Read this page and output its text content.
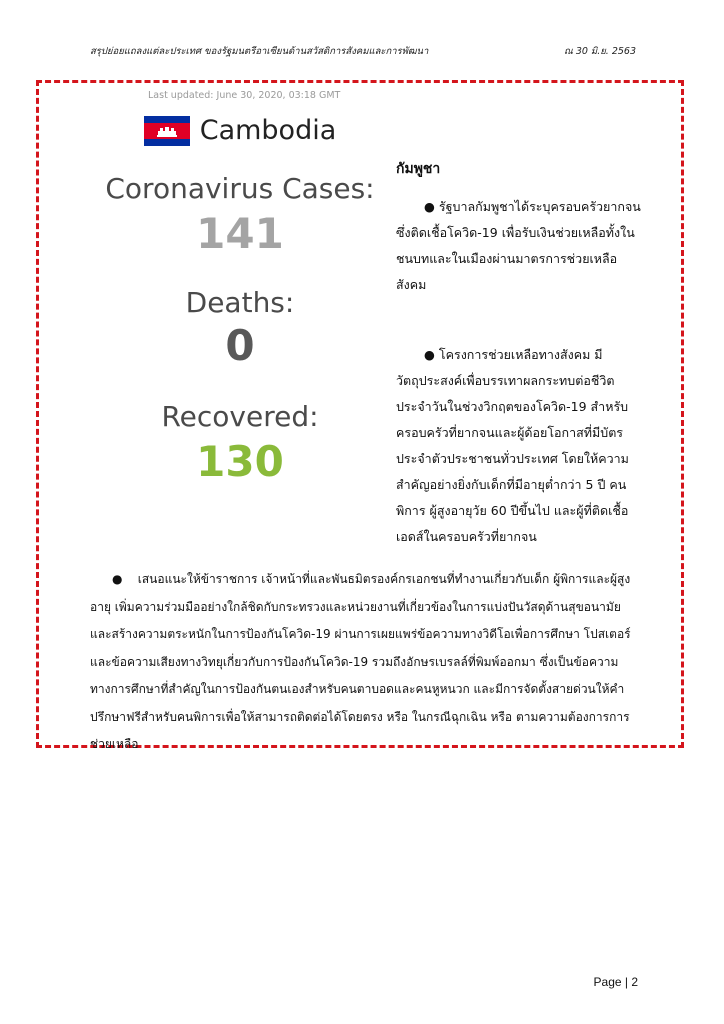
สรุปย่อยแถลงแต่ละประเทศ ของรัฐมนตรีอาเซียนด้านสวัสดิการสังคมและการพัฒนา	ณ 30 มิ.ย. 2563
Last updated: June 30, 2020, 03:18 GMT
Cambodia
Coronavirus Cases:
141
Deaths:
0
Recovered:
130
กัมพูชา

● รัฐบาลกัมพูชาได้ระบุครอบครัวยากจนซึ่งติดเชื้อโควิด-19 เพื่อรับเงินช่วยเหลือทั้งในชนบทและในเมืองผ่านมาตรการช่วยเหลือสังคม

● โครงการช่วยเหลือทางสังคม มีวัตถุประสงค์เพื่อบรรเทาผลกระทบต่อชีวิตประจำวันในช่วงวิกฤตของโควิด-19 สำหรับครอบครัวที่ยากจนและผู้ด้อยโอกาสที่มีบัตรประจำตัวประชาชนทั่วประเทศ โดยให้ความสำคัญอย่างยิ่งกับเด็กที่มีอายุต่ำกว่า 5 ปี คนพิการ ผู้สูงอายุวัย 60 ปีขึ้นไป และผู้ที่ติดเชื้อเอดส์ในครอบครัวที่ยากจน

● เสนอแนะให้ข้าราชการ เจ้าหน้าที่และพันธมิตรองค์กรเอกชนที่ทำงานเกี่ยวกับเด็ก ผู้พิการและผู้สูงอายุ เพิ่มความร่วมมืออย่างใกล้ชิดกับกระทรวงและหน่วยงานที่เกี่ยวข้องในการแบ่งปันวัสดุด้านสุขอนามัยและสร้างความตระหนักในการป้องกันโควิด-19 ผ่านการเผยแพร่ข้อความทางวิดีโอเพื่อการศึกษา โปสเตอร์ และข้อความเสียงทางวิทยุเกี่ยวกับการป้องกันโควิด-19 รวมถึงอักษรเบรลล์ที่พิมพ์ออกมา ซึ่งเป็นข้อความทางการศึกษาที่สำคัญในการป้องกันตนเองสำหรับคนตาบอดและคนหูหนวก และมีการจัดตั้งสายด่วนให้คำปรึกษาฟรีสำหรับคนพิการเพื่อให้สามารถติดต่อได้โดยตรง หรือ ในกรณีฉุกเฉิน หรือ ตามความต้องการการช่วยเหลือ

Page | 2
